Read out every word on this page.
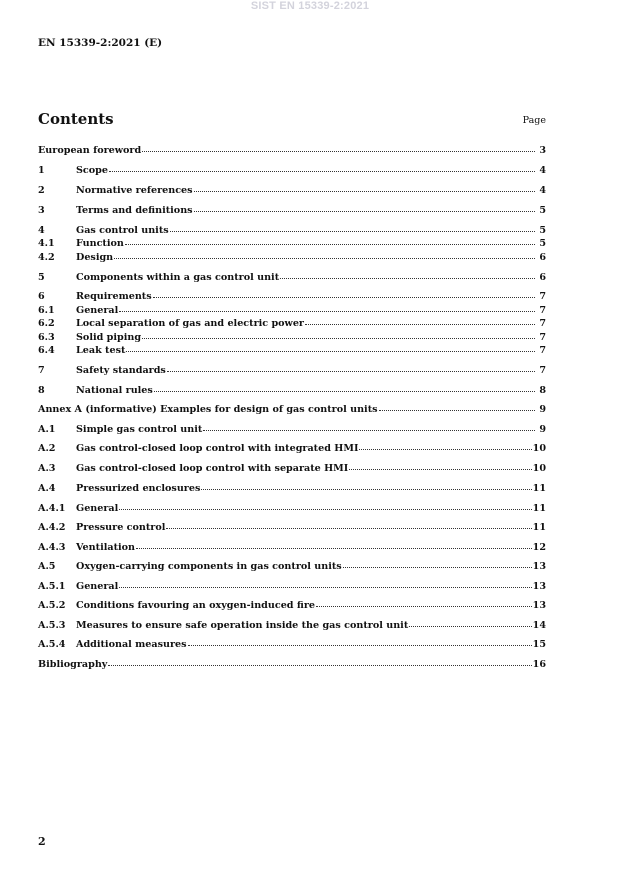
SIST EN 15339-2:2021
EN 15339-2:2021 (E)
Contents	Page
European foreword	3
1	Scope	4
2	Normative references	4
3	Terms and definitions	5
4	Gas control units	5
4.1	Function	5
4.2	Design	6
5	Components within a gas control unit	6
6	Requirements	7
6.1	General	7
6.2	Local separation of gas and electric power	7
6.3	Solid piping	7
6.4	Leak test	7
7	Safety standards	7
8	National rules	8
Annex A (informative) Examples for design of gas control units	9
A.1	Simple gas control unit	9
A.2	Gas control-closed loop control with integrated HMI	10
A.3	Gas control-closed loop control with separate HMI	10
A.4	Pressurized enclosures	11
A.4.1	General	11
A.4.2	Pressure control	11
A.4.3	Ventilation	12
A.5	Oxygen-carrying components in gas control units	13
A.5.1	General	13
A.5.2	Conditions favouring an oxygen-induced fire	13
A.5.3	Measures to ensure safe operation inside the gas control unit	14
A.5.4	Additional measures	15
Bibliography	16
2
